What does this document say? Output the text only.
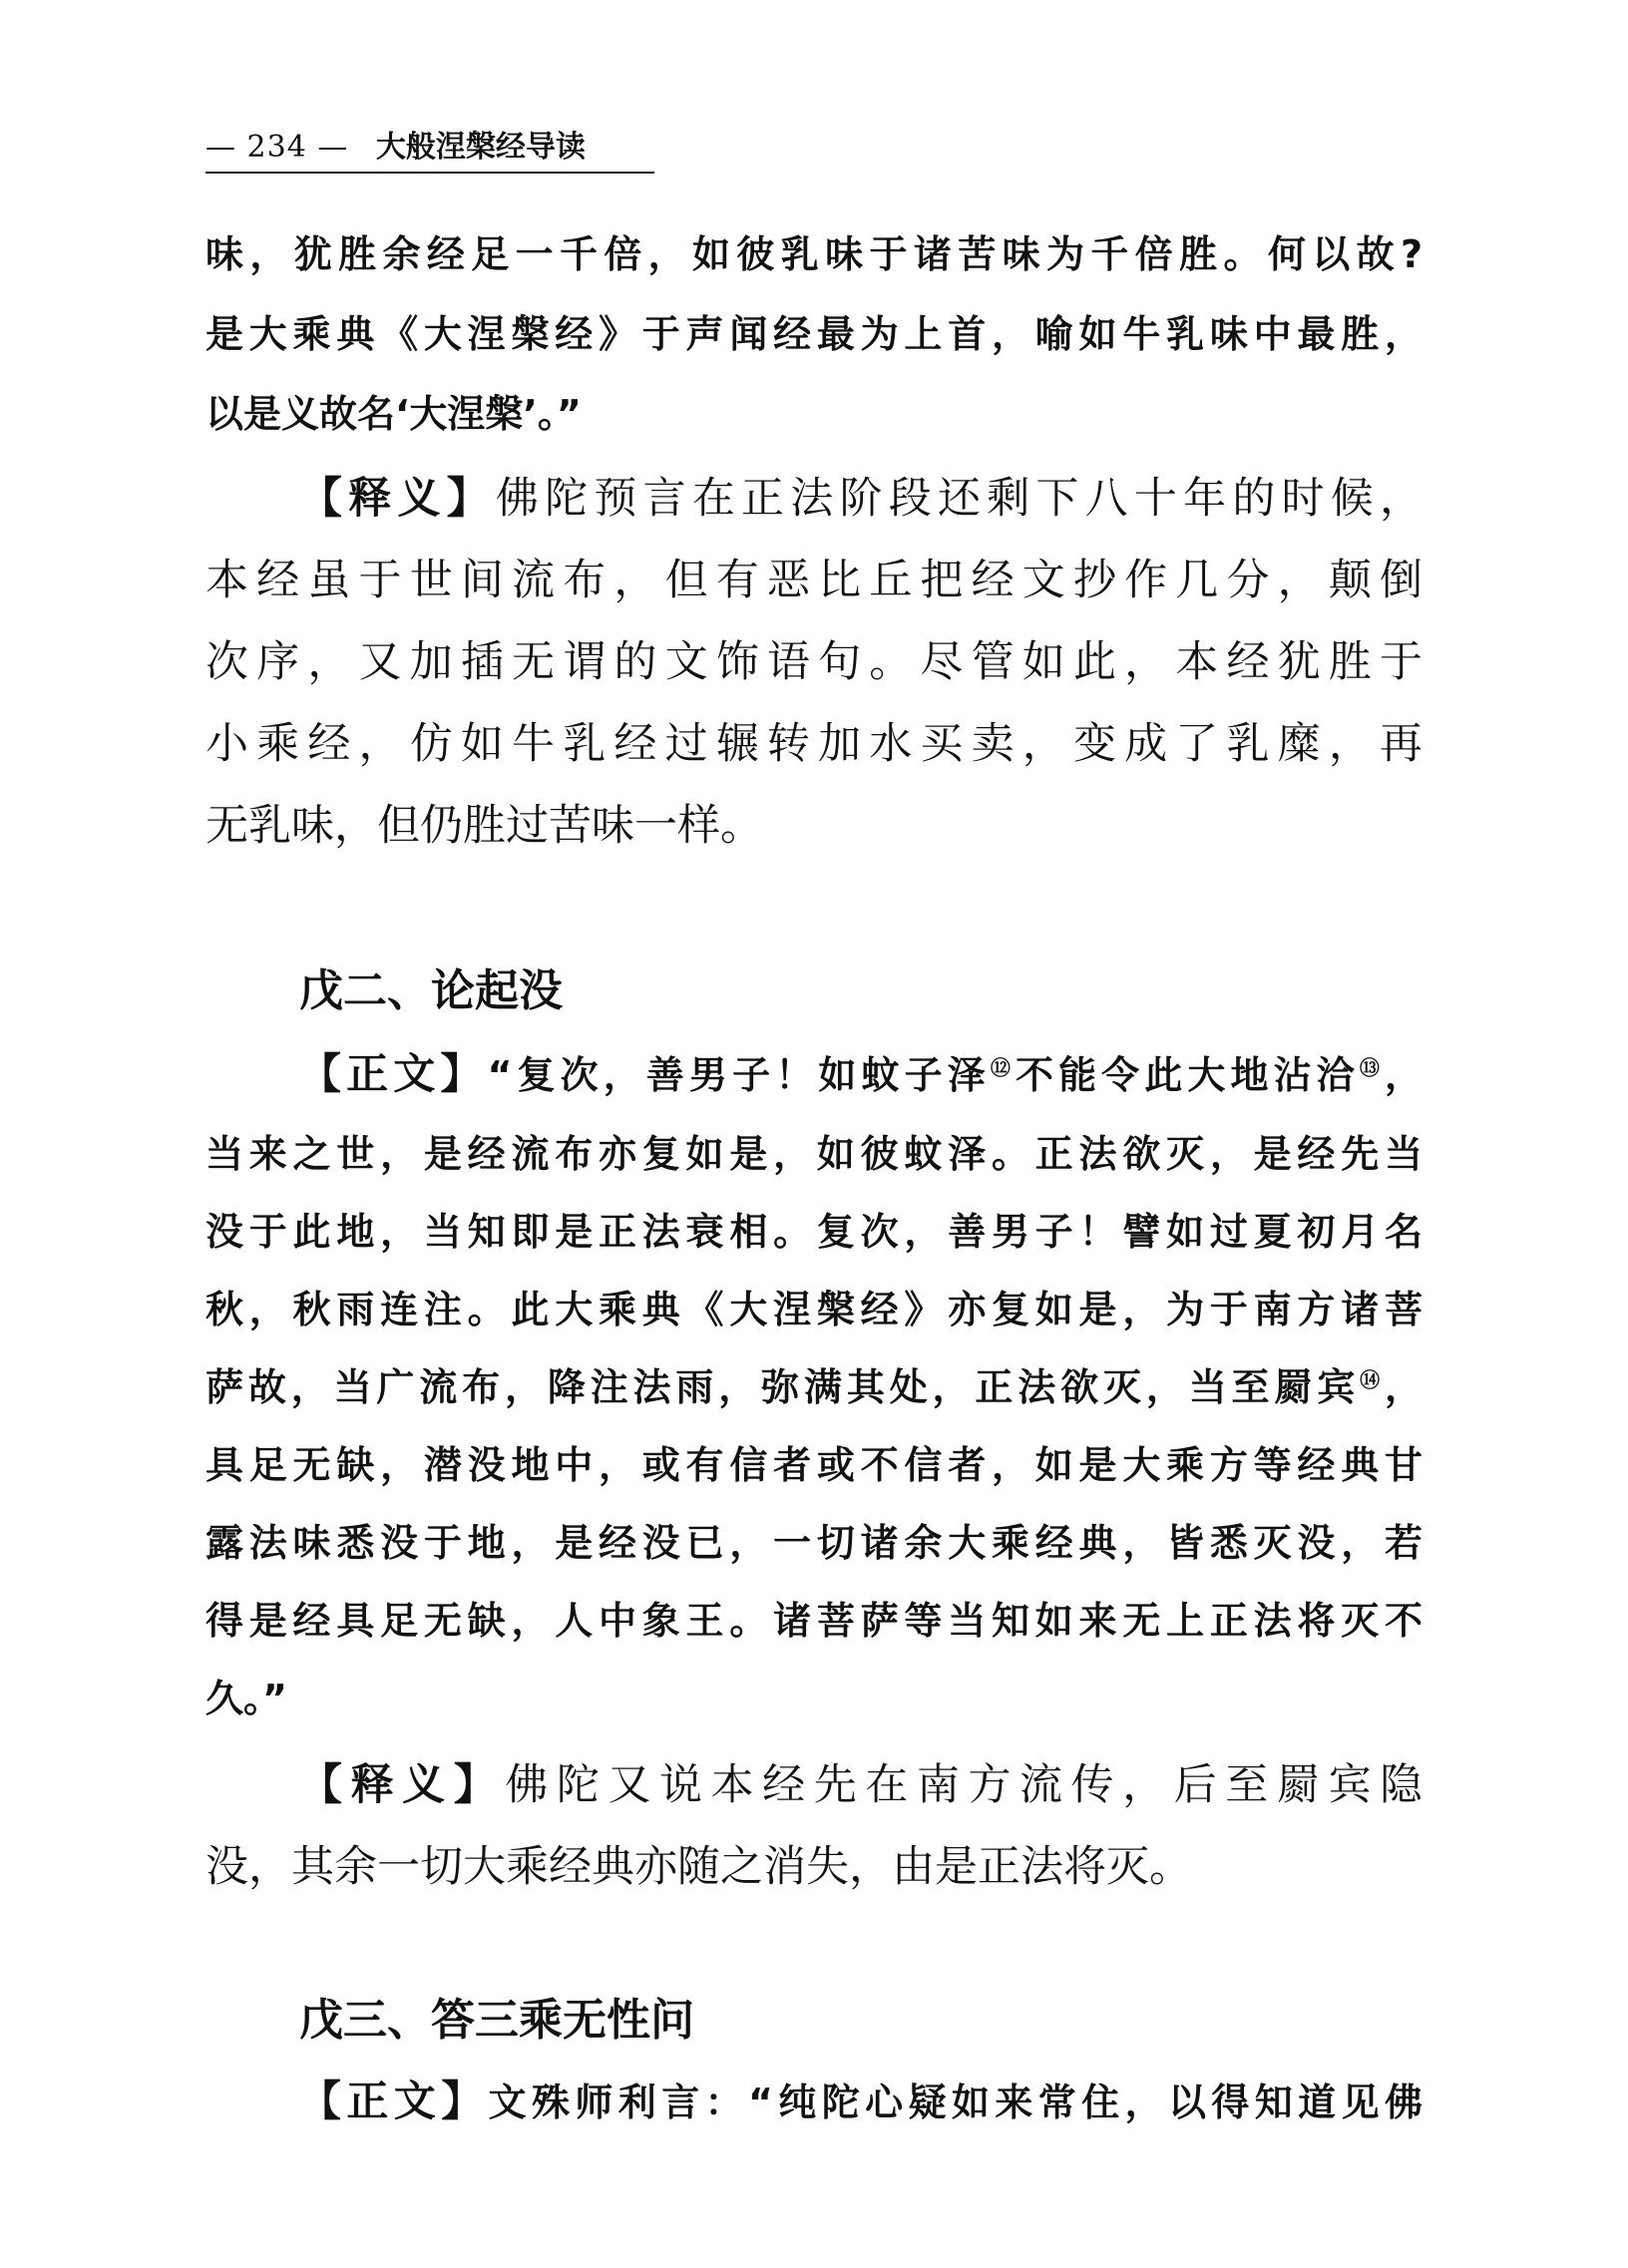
— 234 — 大般涅槃经导读
味，犹胜余经足一千倍，如彼乳味于诸苦味为千倍胜。何以故?
是大乘典《大涅槃经》于声闻经最为上首，喻如牛乳味中最胜，
以是义故名‘大涅槃’。”
【释义】佛陀预言在正法阶段还剩下八十年的时候，
本经虽于世间流布，但有恶比丘把经文抄作几分，颠倒
次序，又加插无谓的文饰语句。尽管如此，本经犹胜于
小乘经，仿如牛乳经过辗转加水买卖，变成了乳糜，再
无乳味，但仍胜过苦味一样。
戊二、论起没
【正文】“复次，善男子！如蚊子泽⑫不能令此大地沾洽⑬，
当来之世，是经流布亦复如是，如彼蚊泽。正法欲灭，是经先当
没于此地，当知即是正法衰相。复次，善男子！譬如过夏初月名
秋，秋雨连注。此大乘典《大涅槃经》亦复如是，为于南方诸菩
萨故，当广流布，降注法雨，弥满其处，正法欲灭，当至罽宾⑭，
具足无缺，潜没地中，或有信者或不信者，如是大乘方等经典甘
露法味悉没于地，是经没已，一切诸余大乘经典，皆悉灭没，若
得是经具足无缺，人中象王。诸菩萨等当知如来无上正法将灭不
久。”
【释义】佛陀又说本经先在南方流传，后至罽宾隐
没，其余一切大乘经典亦随之消失，由是正法将灭。
戊三、答三乘无性问
【正文】文殊师利言：“纯陀心疑如来常住，以得知道见佛
